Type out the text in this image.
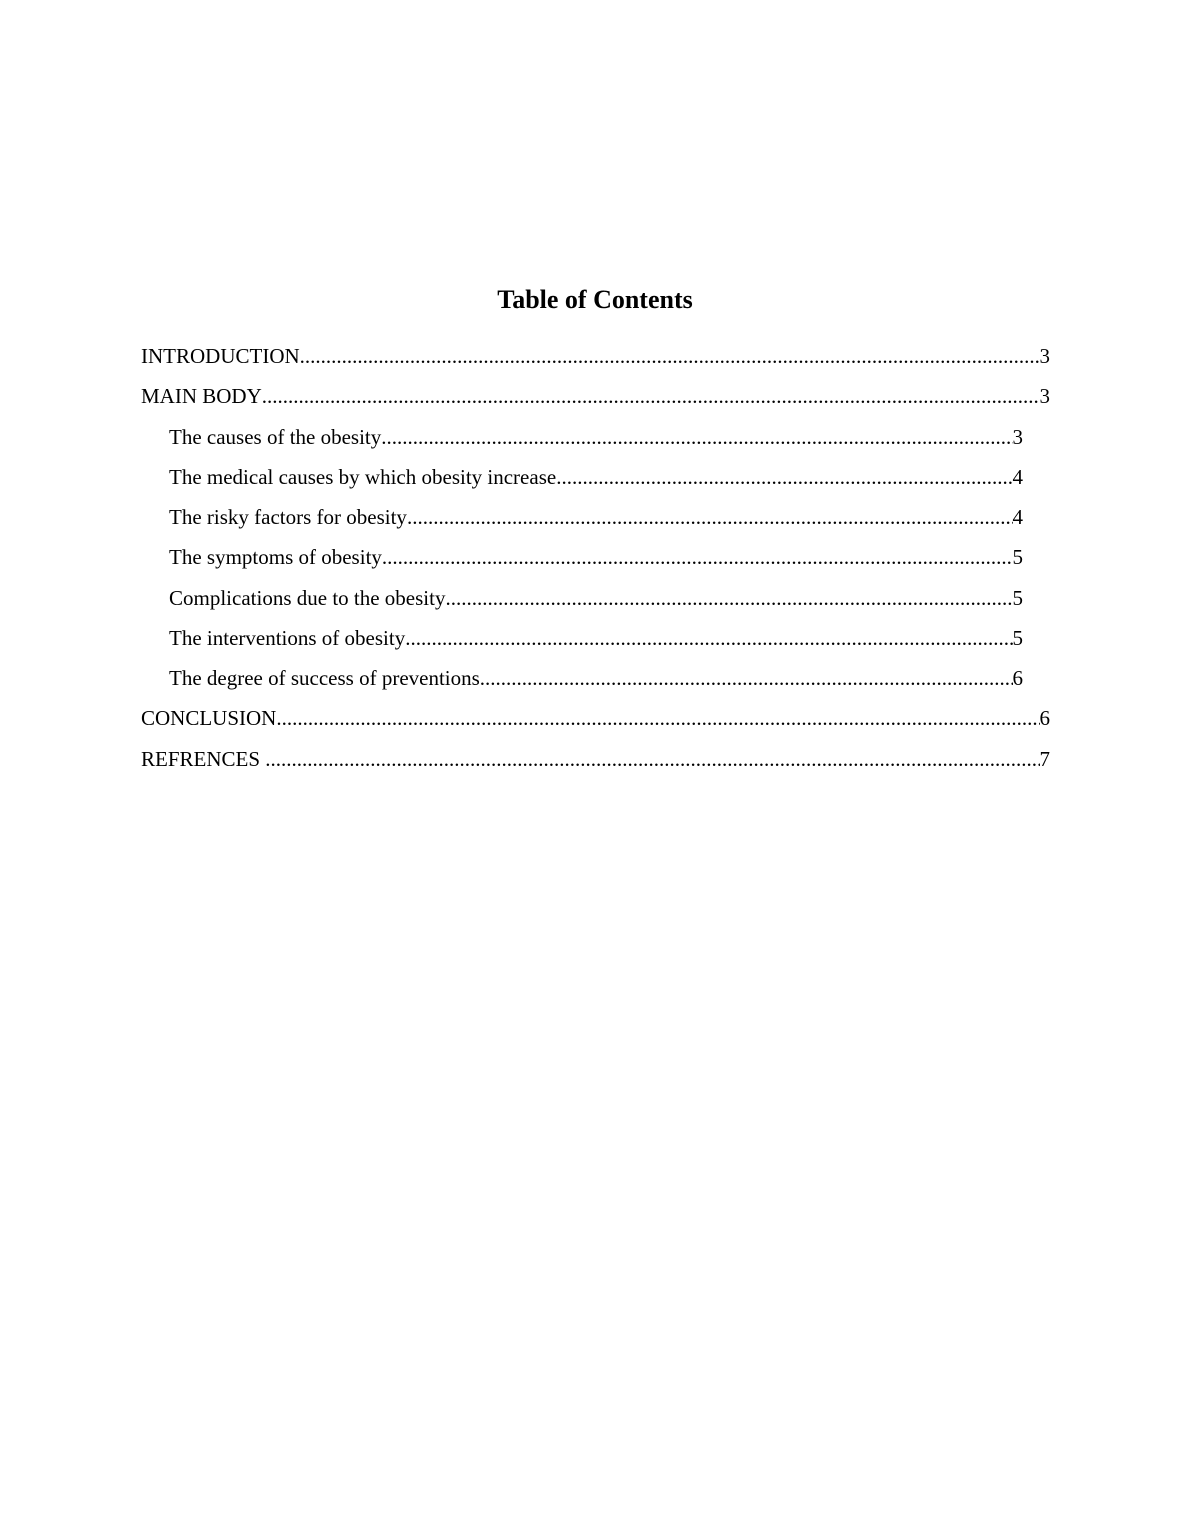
Table of Contents
INTRODUCTION .....	3
MAIN BODY .....	3
The causes of the obesity .....	3
The medical causes by which obesity increase .....	4
The risky factors for obesity .....	4
The symptoms of obesity .....	5
Complications due to the obesity .....	5
The interventions of obesity .....	5
The degree of success of preventions .....	6
CONCLUSION .....	6
REFRENCES .....	7
